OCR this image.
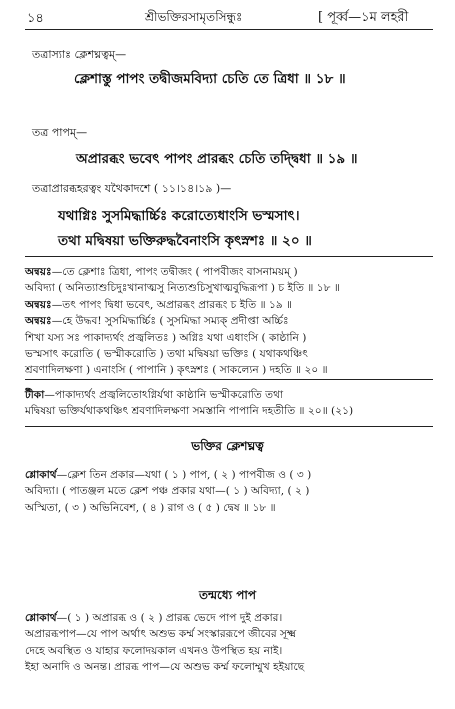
১৪	শ্রীভক্তিরসামৃতসিন্ধুঃ	[ পূর্ব্ব—১ম লহরী
তত্রাস্যাঃ ক্লেশঘ্নত্বম্—
ক্লেশাস্তু পাপং তদ্বীজমবিদ্যা চেতি তে ত্রিধা ॥ ১৮ ॥
তত্র পাপম্—
অপ্রারব্ধং ভবেৎ পাপং প্রারব্ধং চেতি তদ্দ্বিধা ॥ ১৯ ॥
তত্রাপ্রারব্ধহরত্বং যথৈকাদশে ( ১১।১৪।১৯ )—
যথাগ্নিঃ সুসমিদ্ধার্চ্চিঃ করোত্যেধাংসি ভস্মসাৎ।
তথা মদ্বিষয়া ভক্তিরুদ্ধবৈনাংসি কৃৎস্নশঃ ॥ ২০ ॥

অন্বয়ঃ—তে ক্লেশাঃ ত্রিধা, পাপং তদ্বীজং ( পাপবীজং বাসনাময়ম্ )

অবিদ্যা ( অনিত্যাশুচিদুঃখানাত্মসু নিত্যশুচিসুখাত্মবুদ্ধিরূপা ) চ ইতি ॥ ১৮ ॥

অন্বয়ঃ—তৎ পাপং দ্বিধা ভবেৎ, অপ্রারব্ধং প্রারব্ধং চ ইতি ॥ ১৯ ॥

অন্বয়ঃ—হে উদ্ধব! সুসমিদ্ধার্চ্চিঃ ( সুসমিদ্ধা সম্যক্ প্রদীপ্তা অর্চ্চিঃ

শিখা যস্য সঃ পাকাদ্যর্থং প্রজ্বলিতঃ ) অগ্নিঃ যথা এধাংসি ( কাষ্ঠানি )

ভস্মসাৎ করোতি ( ভস্মীকরোতি ) তথা মদ্বিষয়া ভক্তিঃ ( যথাকথঞ্চিৎ

শ্রবণাদিলক্ষণা ) এনাংসি ( পাপানি ) কৃৎস্নশঃ ( সাকল্যেন ) দহতি ॥ ২০ ॥

টীকা—পাকাদ্যর্থং প্রজ্বলিতোঽগ্নির্যথা কাষ্ঠানি ভস্মীকরোতি তথা

মদ্বিষয়া ভক্তির্যথাকথঞ্চিৎ শ্রবণাদিলক্ষণা সমস্তানি পাপানি দহতীতি ॥ ২০॥ (২১)

ভক্তির ক্লেশঘ্নত্ব

শ্লোকার্থ—ক্লেশ তিন প্রকার—যথা ( ১ ) পাপ, ( ২ ) পাপবীজ ও ( ৩ )

অবিদ্যা। ( পাতঞ্জল মতে ক্লেশ পঞ্চ প্রকার যথা—( ১ ) অবিদ্যা, ( ২ )

অস্মিতা, ( ৩ ) অভিনিবেশ, ( ৪ ) রাগ ও ( ৫ ) দ্বেষ ॥ ১৮ ॥

তন্মধ্যে পাপ

শ্লোকার্থ—( ১ ) অপ্রারব্ধ ও ( ২ ) প্রারব্ধ ভেদে পাপ দুই প্রকার।

অপ্রারব্ধপাপ—যে পাপ অর্থাৎ অশুভ কর্ম্ম সংস্কাররূপে জীবের সূক্ষ্ম

দেহে অবস্থিত ও যাহার ফলোদয়কাল এখনও উপস্থিত হয় নাই।

ইহা অনাদি ও অনন্ত। প্রারব্ধ পাপ—যে অশুভ কর্ম্ম ফলোম্মুখ হইয়াছে
